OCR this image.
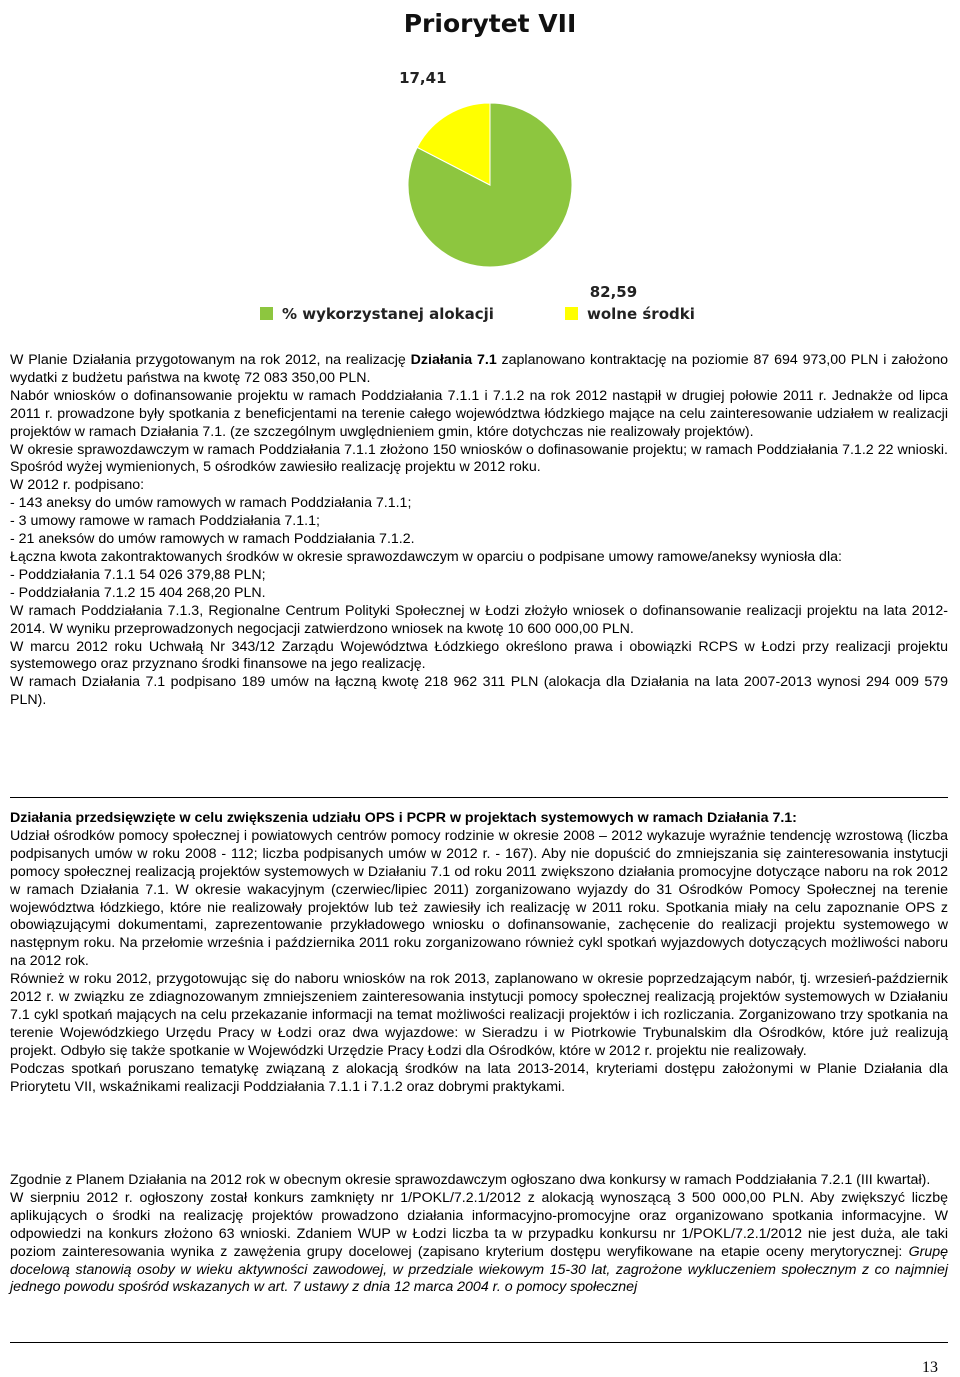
Priorytet VII
82,59
17,41
% wykorzystanej alokacji	wolne środki

W Planie Działania przygotowanym na rok 2012, na realizację Działania 7.1 zaplanowano kontraktację na poziomie 87 694 973,00 PLN i założono wydatki z budżetu państwa na kwotę 72 083 350,00 PLN.

Nabór wniosków o dofinansowanie projektu w ramach Poddziałania 7.1.1 i 7.1.2 na rok 2012 nastąpił w drugiej połowie 2011 r. Jednakże od lipca 2011 r. prowadzone były spotkania z beneficjentami na terenie całego województwa łódzkiego mające na celu zainteresowanie udziałem w realizacji projektów w ramach Działania 7.1. (ze szczególnym uwględnieniem gmin, które dotychczas nie realizowały projektów).

W okresie sprawozdawczym w ramach Poddziałania 7.1.1 złożono 150 wniosków o dofinasowanie projektu; w ramach Poddziałania 7.1.2 22 wnioski. Spośród wyżej wymienionych, 5 ośrodków zawiesiło realizację projektu w 2012 roku.

W 2012 r. podpisano:

- 143 aneksy do umów ramowych w ramach Poddziałania 7.1.1;

- 3 umowy ramowe w ramach Poddziałania 7.1.1;

- 21 aneksów do umów ramowych w ramach Poddziałania 7.1.2.

Łączna kwota zakontraktowanych środków w okresie sprawozdawczym w oparciu o podpisane umowy ramowe/aneksy wyniosła dla:

- Poddziałania 7.1.1 54 026 379,88 PLN;

- Poddziałania 7.1.2 15 404 268,20 PLN.

W ramach Poddziałania 7.1.3, Regionalne Centrum Polityki Społecznej w Łodzi złożyło wniosek o dofinansowanie realizacji projektu na lata 2012-2014. W wyniku przeprowadzonych negocjacji zatwierdzono wniosek na kwotę 10 600 000,00 PLN.

W marcu 2012 roku Uchwałą Nr 343/12 Zarządu Województwa Łódzkiego określono prawa i obowiązki RCPS w Łodzi przy realizacji projektu systemowego oraz przyznano środki finansowe na jego realizację.

W ramach Działania 7.1 podpisano 189 umów na łączną kwotę 218 962 311 PLN (alokacja dla Działania na lata 2007-2013 wynosi 294 009 579 PLN).

Działania przedsięwzięte w celu zwiększenia udziału OPS i PCPR w projektach systemowych w ramach Działania 7.1:

Udział ośrodków pomocy społecznej i powiatowych centrów pomocy rodzinie w okresie 2008 – 2012 wykazuje wyraźnie tendencję wzrostową (liczba podpisanych umów w roku 2008 - 112; liczba podpisanych umów w 2012 r. - 167). Aby nie dopuścić do zmniejszania się zainteresowania instytucji pomocy społecznej realizacją projektów systemowych w Działaniu 7.1 od roku 2011 zwiększono działania promocyjne dotyczące naboru na rok 2012 w ramach Działania 7.1. W okresie wakacyjnym (czerwiec/lipiec 2011) zorganizowano wyjazdy do 31 Ośrodków Pomocy Społecznej na terenie województwa łódzkiego, które nie realizowały projektów lub też zawiesiły ich realizację w 2011 roku. Spotkania miały na celu zapoznanie OPS z obowiązującymi dokumentami, zaprezentowanie przykładowego wniosku o dofinansowanie, zachęcenie do realizacji projektu systemowego w następnym roku. Na przełomie września i października 2011 roku zorganizowano również cykl spotkań wyjazdowych dotyczących możliwości naboru na 2012 rok.

Również w roku 2012, przygotowując się do naboru wniosków na rok 2013, zaplanowano w okresie poprzedzającym nabór, tj. wrzesień-październik 2012 r. w związku ze zdiagnozowanym zmniejszeniem zainteresowania instytucji pomocy społecznej realizacją projektów systemowych w Działaniu 7.1 cykl spotkań mających na celu przekazanie informacji na temat możliwości realizacji projektów i ich rozliczania. Zorganizowano trzy spotkania na terenie Wojewódzkiego Urzędu Pracy w Łodzi oraz dwa wyjazdowe: w Sieradzu i w Piotrkowie Trybunalskim dla Ośrodków, które już realizują projekt. Odbyło się także spotkanie w Wojewódzki Urzędzie Pracy Łodzi dla Ośrodków, które w 2012 r. projektu nie realizowały.

Podczas spotkań poruszano tematykę związaną z alokacją środków na lata 2013-2014, kryteriami dostępu założonymi w Planie Działania dla Priorytetu VII, wskaźnikami realizacji Poddziałania 7.1.1 i 7.1.2 oraz dobrymi praktykami.

Zgodnie z Planem Działania na 2012 rok w obecnym okresie sprawozdawczym ogłoszano dwa konkursy w ramach Poddziałania 7.2.1 (III kwartał).

W sierpniu 2012 r. ogłoszony został konkurs zamknięty nr 1/POKL/7.2.1/2012 z alokacją wynoszącą 3 500 000,00 PLN. Aby zwiększyć liczbę aplikujących o środki na realizację projektów prowadzono działania informacyjno-promocyjne oraz organizowano spotkania informacyjne. W odpowiedzi na konkurs złożono 63 wnioski. Zdaniem WUP w Łodzi liczba ta w przypadku konkursu nr 1/POKL/7.2.1/2012 nie jest duża, ale taki poziom zainteresowania wynika z zawężenia grupy docelowej (zapisano kryterium dostępu weryfikowane na etapie oceny merytorycznej: Grupę docelową stanowią osoby w wieku aktywności zawodowej, w przedziale wiekowym 15-30 lat, zagrożone wykluczeniem społecznym z co najmniej jednego powodu spośród wskazanych w art. 7 ustawy z dnia 12 marca 2004 r. o pomocy społecznej

13
